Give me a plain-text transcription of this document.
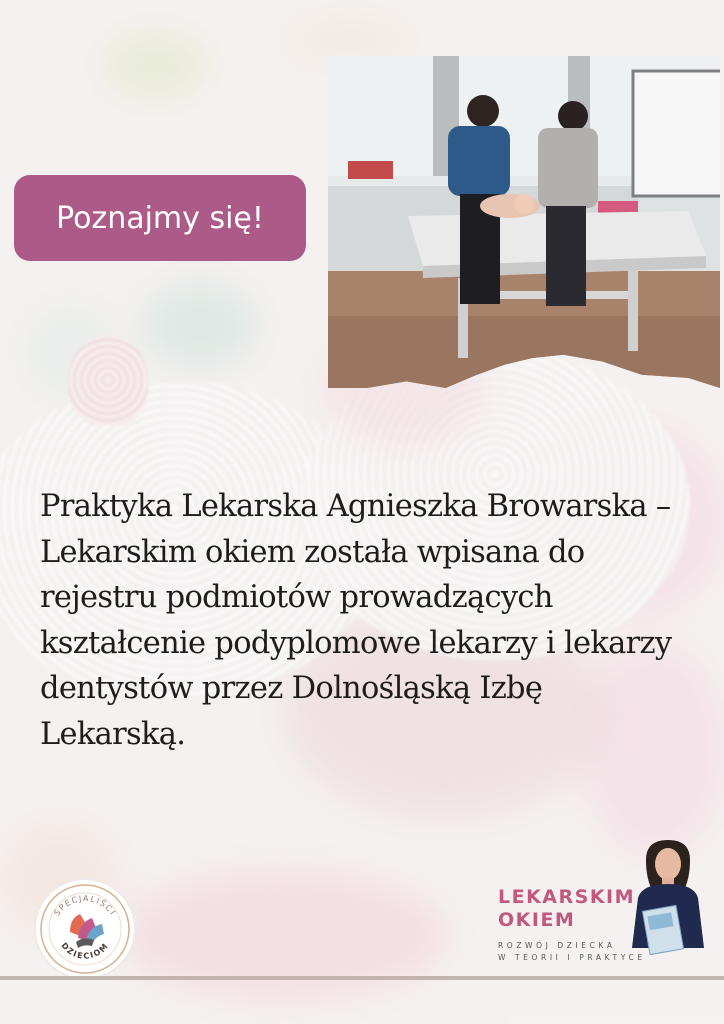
Poznajmy się!

Praktyka Lekarska Agnieszka Browarska – Lekarskim okiem została wpisana do rejestru podmiotów prowadzących kształcenie podyplomowe lekarzy i lekarzy dentystów przez Dolnośląską Izbę Lekarską.

SPECJALIŚCI
DZIECIOM
LEKARSKIM
OKIEM
ROZWÓJ DZIECKA
W TEORII I PRAKTYCE
